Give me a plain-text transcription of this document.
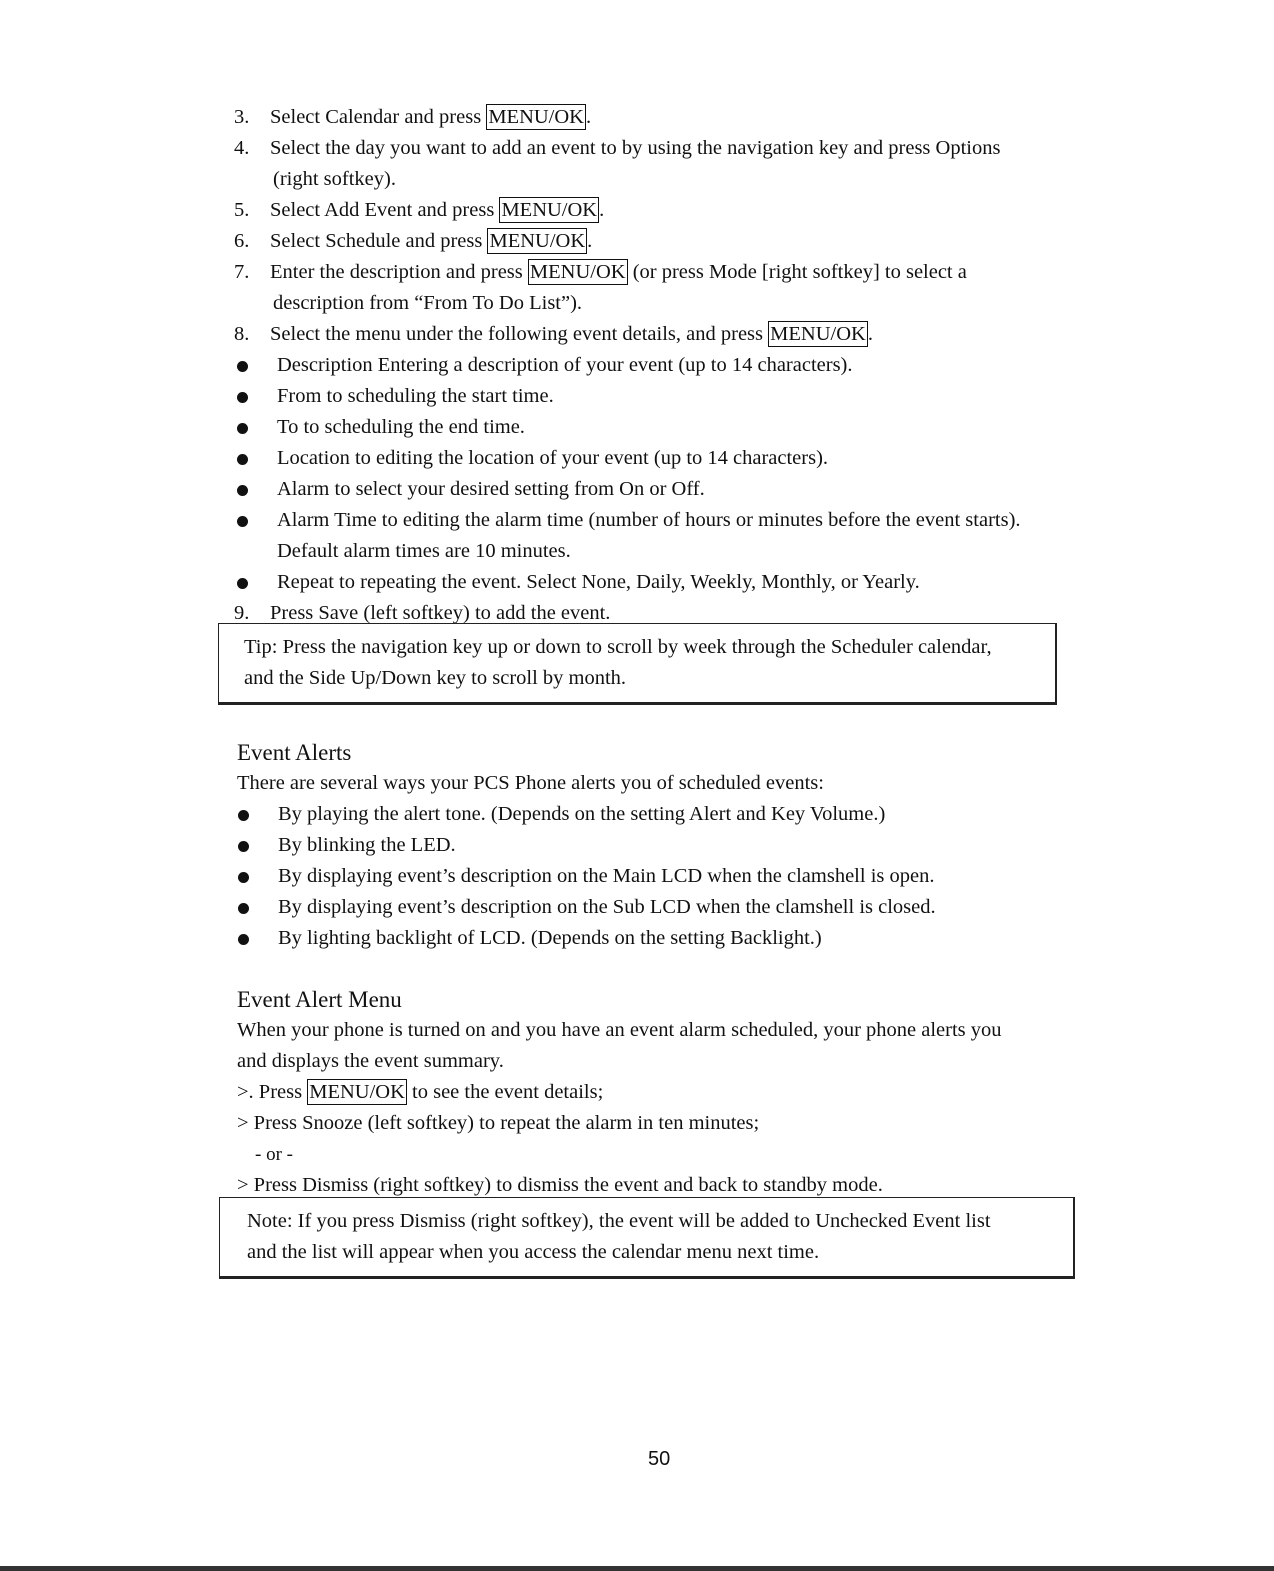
3. Select Calendar and press MENU/OK.
4. Select the day you want to add an event to by using the navigation key and press Options
(right softkey).
5. Select Add Event and press MENU/OK.
6. Select Schedule and press MENU/OK.
7. Enter the description and press MENU/OK (or press Mode [right softkey] to select a
description from “From To Do List”).
8. Select the menu under the following event details, and press MENU/OK.
Description Entering a description of your event (up to 14 characters).
From to scheduling the start time.
To to scheduling the end time.
Location to editing the location of your event (up to 14 characters).
Alarm to select your desired setting from On or Off.
Alarm Time to editing the alarm time (number of hours or minutes before the event starts).
Default alarm times are 10 minutes.
Repeat to repeating the event. Select None, Daily, Weekly, Monthly, or Yearly.
9. Press Save (left softkey) to add the event.
Tip: Press the navigation key up or down to scroll by week through the Scheduler calendar,
and the Side Up/Down key to scroll by month.
Event Alerts
There are several ways your PCS Phone alerts you of scheduled events:
By playing the alert tone. (Depends on the setting Alert and Key Volume.)
By blinking the LED.
By displaying event’s description on the Main LCD when the clamshell is open.
By displaying event’s description on the Sub LCD when the clamshell is closed.
By lighting backlight of LCD. (Depends on the setting Backlight.)
Event Alert Menu
When your phone is turned on and you have an event alarm scheduled, your phone alerts you
and displays the event summary.
>. Press MENU/OK to see the event details;
> Press Snooze (left softkey) to repeat the alarm in ten minutes;
- or -
> Press Dismiss (right softkey) to dismiss the event and back to standby mode.
Note: If you press Dismiss (right softkey), the event will be added to Unchecked Event list
and the list will appear when you access the calendar menu next time.
50
